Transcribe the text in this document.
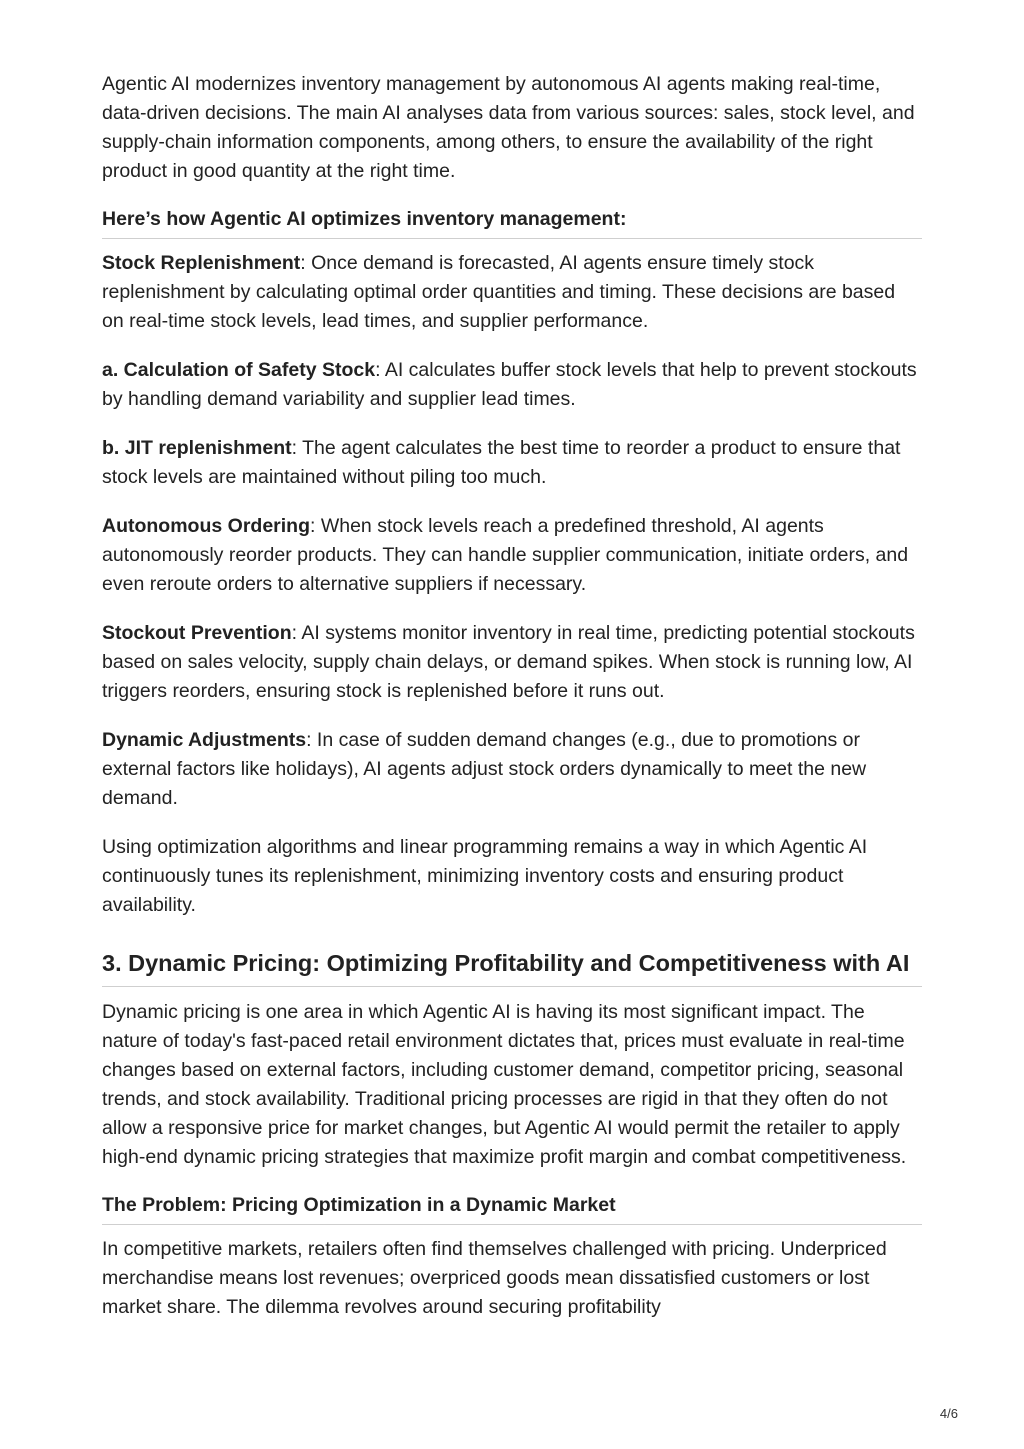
Agentic AI modernizes inventory management by autonomous AI agents making real-time, data-driven decisions. The main AI analyses data from various sources: sales, stock level, and supply-chain information components, among others, to ensure the availability of the right product in good quantity at the right time.

Here’s how Agentic AI optimizes inventory management:

Stock Replenishment: Once demand is forecasted, AI agents ensure timely stock replenishment by calculating optimal order quantities and timing. These decisions are based on real-time stock levels, lead times, and supplier performance.

a. Calculation of Safety Stock: AI calculates buffer stock levels that help to prevent stockouts by handling demand variability and supplier lead times.

b. JIT replenishment: The agent calculates the best time to reorder a product to ensure that stock levels are maintained without piling too much.

Autonomous Ordering: When stock levels reach a predefined threshold, AI agents autonomously reorder products. They can handle supplier communication, initiate orders, and even reroute orders to alternative suppliers if necessary.

Stockout Prevention: AI systems monitor inventory in real time, predicting potential stockouts based on sales velocity, supply chain delays, or demand spikes. When stock is running low, AI triggers reorders, ensuring stock is replenished before it runs out.

Dynamic Adjustments: In case of sudden demand changes (e.g., due to promotions or external factors like holidays), AI agents adjust stock orders dynamically to meet the new demand.

Using optimization algorithms and linear programming remains a way in which Agentic AI continuously tunes its replenishment, minimizing inventory costs and ensuring product availability.

3. Dynamic Pricing: Optimizing Profitability and Competitiveness with AI

Dynamic pricing is one area in which Agentic AI is having its most significant impact. The nature of today's fast-paced retail environment dictates that, prices must evaluate in real-time changes based on external factors, including customer demand, competitor pricing, seasonal trends, and stock availability. Traditional pricing processes are rigid in that they often do not allow a responsive price for market changes, but Agentic AI would permit the retailer to apply high-end dynamic pricing strategies that maximize profit margin and combat competitiveness.

The Problem: Pricing Optimization in a Dynamic Market

In competitive markets, retailers often find themselves challenged with pricing. Underpriced merchandise means lost revenues; overpriced goods mean dissatisfied customers or lost market share. The dilemma revolves around securing profitability

4/6
